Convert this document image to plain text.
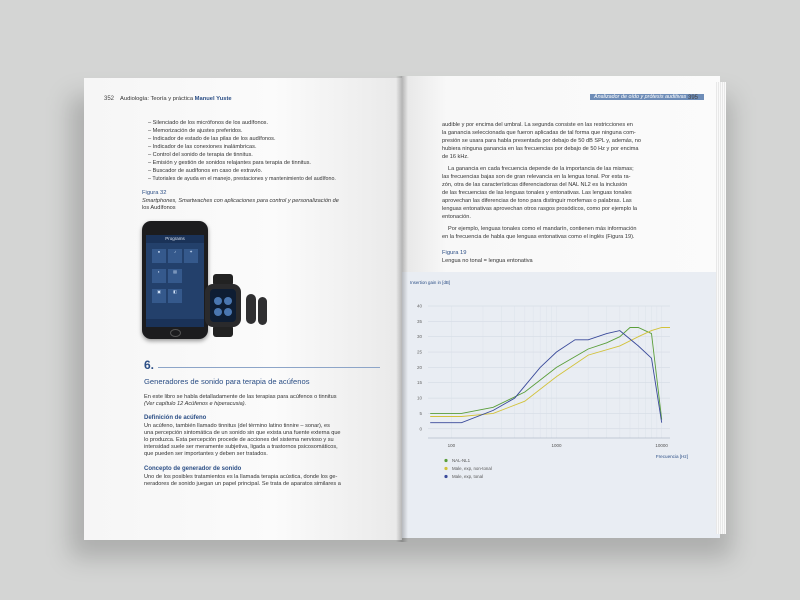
352 Audiología: Teoría y práctica Manuel Yuste
– Silenciado de los micrófonos de los audífonos.
– Memorización de ajustes preferidos.
– Indicador de estado de las pilas de los audífonos.
– Indicador de las conexiones inalámbricas.
– Control del sonido de terapia de tinnitus.
– Emisión y gestión de sonidos relajantes para terapia de tinnitus.
– Buscador de audífonos en caso de extravío.
– Tutoriales de ayuda en el manejo, prestaciones y mantenimiento del audífono.
Figura 32
Smartphones, Smartwaches con aplicaciones para control y personalización de
los Audífonos
Programs
●	♪	✦
◐	▤
▣	◧
6.
Generadores de sonido para terapia de acúfenos
En este libro se habla detalladamente de las terapias para acúfenos o tinnitus
(Ver capítulo 12 Acúfenos e hiperacusia).
Definición de acúfeno
Un acúfeno, también llamado tinnitus (del término latino tinnire – sonar), es
una percepción sintomática de un sonido sin que exista una fuente externa que
lo produzca. Esta percepción procede de acciones del sistema nervioso y su
intensidad suele ser meramente subjetiva, ligada a trastornos psicosomáticos,
que pueden ser importantes y deben ser tratados.
Concepto de generador de sonido
Uno de los posibles tratamientos es la llamada terapia acústica, donde los ge-
neradores de sonido juegan un papel principal. Se trata de aparatos similares a
Analizador de oído y prótesis auditivas 395
audible y por encima del umbral. La segunda consiste en las restricciones en
la ganancia seleccionada que fueron aplicadas de tal forma que ninguna com-
presión se usara para habla presentada por debajo de 50 dB SPL y, además, no
hubiera ninguna ganancia en las frecuencias por debajo de 50 Hz y por encima
de 16 kHz.
La ganancia en cada frecuencia depende de la importancia de las mismas;
las frecuencias bajas son de gran relevancia en la lengua tonal. Por esta ra-
zón, otra de las características diferenciadoras del NAL NL2 es la inclusión
de las frecuencias de las lenguas tonales y entonativas. Las lenguas tonales
aprovechan las diferencias de tono para distinguir morfemas o palabras. Las
lenguas entonativas aprovechan otros rasgos prosódicos, como por ejemplo la
entonación.
Por ejemplo, lenguas tonales como el mandarín, contienen más información
en la frecuencia de habla que lenguas entonativas como el inglés (Figura 19).
Figura 19
Lengua no tonal = lengua entonativa
0
5
10
15
20
25
30
35
40
100	1000	10000
Insertion gain in [dB]
Frecuencia [Hz]
NAL-NL1
Male, exp, non-tonal
Male, exp, tonal
